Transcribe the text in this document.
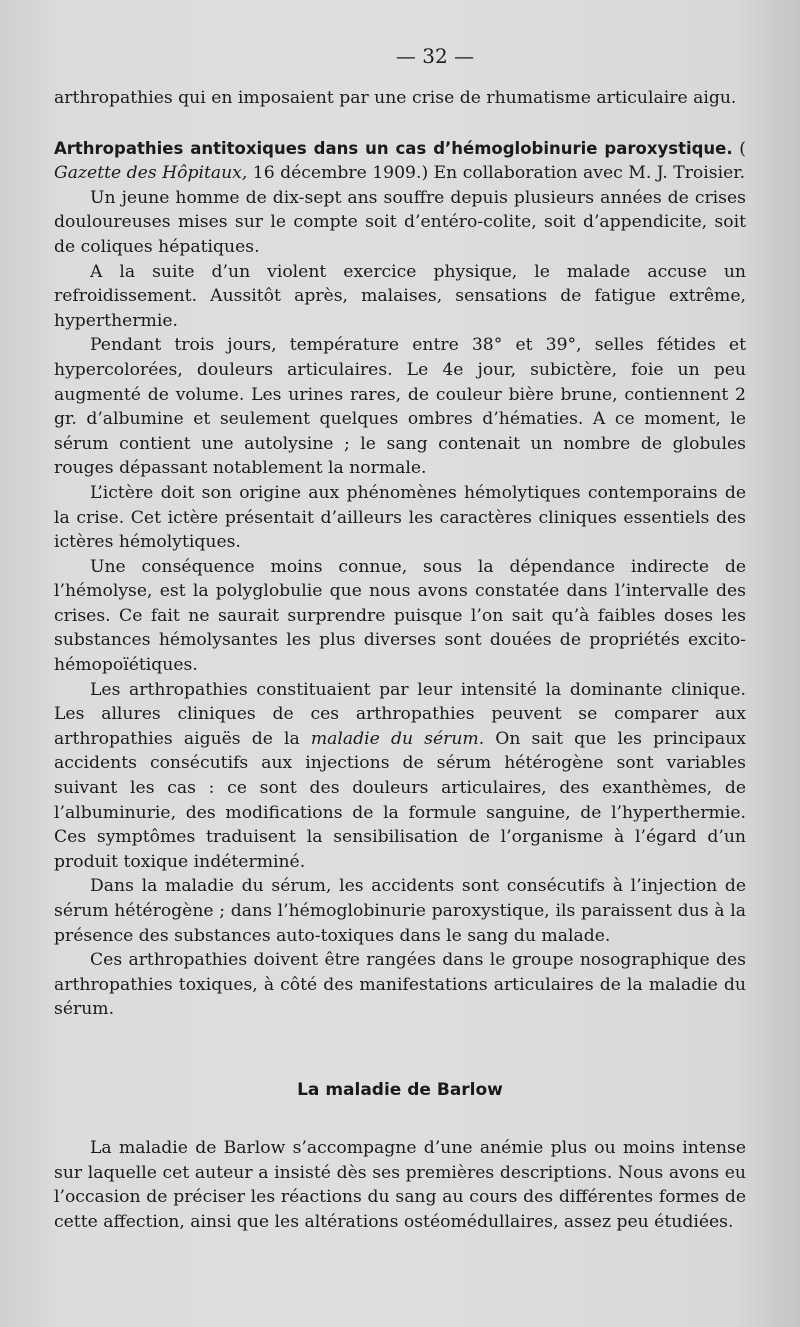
— 32 —

arthropathies qui en imposaient par une crise de rhumatisme articulaire aigu.

Arthropathies antitoxiques dans un cas d’hémoglobinurie paroxystique. ( Gazette des Hôpitaux, 16 décembre 1909.) En collaboration avec M. J. Troisier.

Un jeune homme de dix-sept ans souffre depuis plusieurs années de crises douloureuses mises sur le compte soit d’entéro-colite, soit d’appendicite, soit de coliques hépatiques.

A la suite d’un violent exercice physique, le malade accuse un refroidissement. Aussitôt après, malaises, sensations de fatigue extrême, hyperthermie.

Pendant trois jours, température entre 38° et 39°, selles fétides et hypercolorées, douleurs articulaires. Le 4e jour, subictère, foie un peu augmenté de volume. Les urines rares, de couleur bière brune, contiennent 2 gr. d’albumine et seulement quelques ombres d’hématies. A ce moment, le sérum contient une autolysine ; le sang contenait un nombre de globules rouges dépassant notablement la normale.

L’ictère doit son origine aux phénomènes hémolytiques contemporains de la crise. Cet ictère présentait d’ailleurs les caractères cliniques essentiels des ictères hémolytiques.

Une conséquence moins connue, sous la dépendance indirecte de l’hémolyse, est la polyglobulie que nous avons constatée dans l’intervalle des crises. Ce fait ne saurait surprendre puisque l’on sait qu’à faibles doses les substances hémolysantes les plus diverses sont douées de propriétés excito-hémopoïétiques.

Les arthropathies constituaient par leur intensité la dominante clinique. Les allures cliniques de ces arthropathies peuvent se comparer aux arthropathies aiguës de la maladie du sérum. On sait que les principaux accidents consécutifs aux injections de sérum hétérogène sont variables suivant les cas : ce sont des douleurs articulaires, des exanthèmes, de l’albuminurie, des modifications de la formule sanguine, de l’hyperthermie. Ces symptômes traduisent la sensibilisation de l’organisme à l’égard d’un produit toxique indéterminé.

Dans la maladie du sérum, les accidents sont consécutifs à l’injection de sérum hétérogène ; dans l’hémoglobinurie paroxystique, ils paraissent dus à la présence des substances auto-toxiques dans le sang du malade.

Ces arthropathies doivent être rangées dans le groupe nosographique des arthropathies toxiques, à côté des manifestations articulaires de la maladie du sérum.

La maladie de Barlow

La maladie de Barlow s’accompagne d’une anémie plus ou moins intense sur laquelle cet auteur a insisté dès ses premières descriptions. Nous avons eu l’occasion de préciser les réactions du sang au cours des différentes formes de cette affection, ainsi que les altérations ostéomédullaires, assez peu étudiées.
